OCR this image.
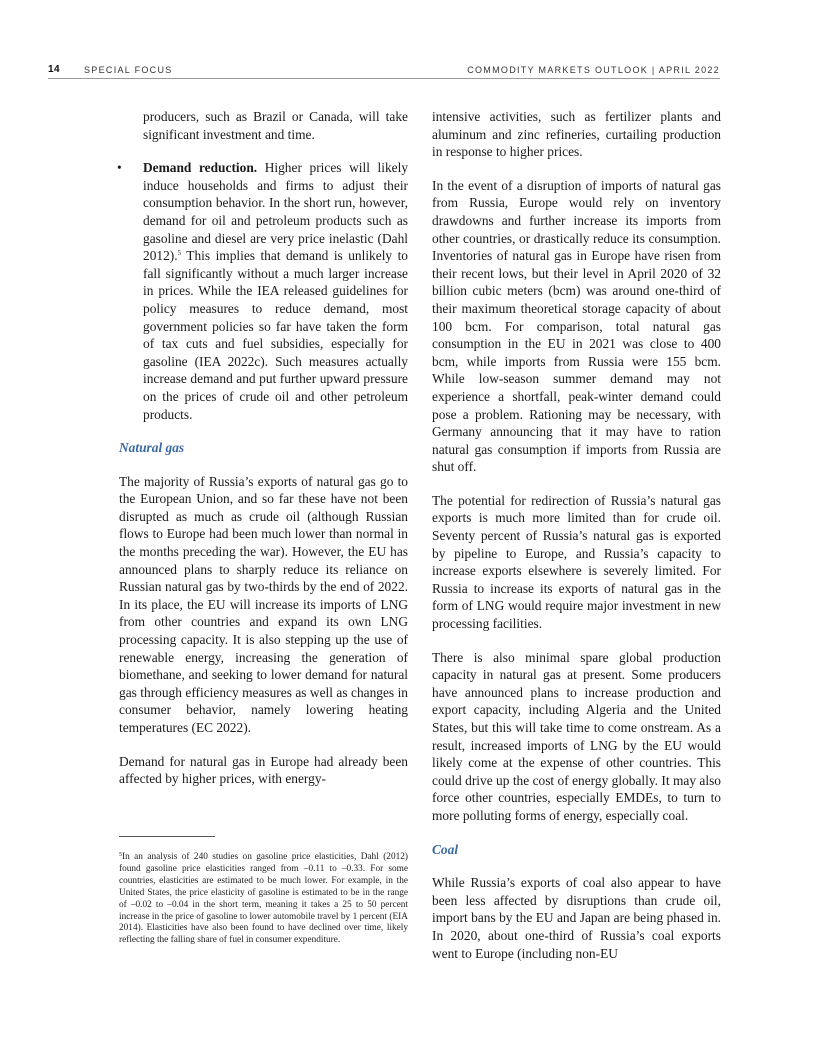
14	SPECIAL FOCUS	COMMODITY MARKETS OUTLOOK | APRIL 2022

producers, such as Brazil or Canada, will take significant investment and time.

• Demand reduction. Higher prices will likely induce households and firms to adjust their consumption behavior. In the short run, however, demand for oil and petroleum products such as gasoline and diesel are very price inelastic (Dahl 2012).$^5$ This implies that demand is unlikely to fall significantly without a much larger increase in prices. While the IEA released guidelines for policy measures to reduce demand, most government policies so far have taken the form of tax cuts and fuel subsidies, especially for gasoline (IEA 2022c). Such measures actually increase demand and put further upward pressure on the prices of crude oil and other petroleum products.

Natural gas

The majority of Russia’s exports of natural gas go to the European Union, and so far these have not been disrupted as much as crude oil (although Russian flows to Europe had been much lower than normal in the months preceding the war). However, the EU has announced plans to sharply reduce its reliance on Russian natural gas by two-thirds by the end of 2022. In its place, the EU will increase its imports of LNG from other countries and expand its own LNG processing capacity. It is also stepping up the use of renewable energy, increasing the generation of biomethane, and seeking to lower demand for natural gas through efficiency measures as well as changes in consumer behavior, namely lowering heating temperatures (EC 2022).

Demand for natural gas in Europe had already been affected by higher prices, with energy-

$^5$In an analysis of 240 studies on gasoline price elasticities, Dahl (2012) found gasoline price elasticities ranged from –0.11 to –0.33. For some countries, elasticities are estimated to be much lower. For example, in the United States, the price elasticity of gasoline is estimated to be in the range of –0.02 to –0.04 in the short term, meaning it takes a 25 to 50 percent increase in the price of gasoline to lower automobile travel by 1 percent (EIA 2014). Elasticities have also been found to have declined over time, likely reflecting the falling share of fuel in consumer expenditure.

intensive activities, such as fertilizer plants and aluminum and zinc refineries, curtailing production in response to higher prices.

In the event of a disruption of imports of natural gas from Russia, Europe would rely on inventory drawdowns and further increase its imports from other countries, or drastically reduce its consumption. Inventories of natural gas in Europe have risen from their recent lows, but their level in April 2020 of 32 billion cubic meters (bcm) was around one-third of their maximum theoretical storage capacity of about 100 bcm. For comparison, total natural gas consumption in the EU in 2021 was close to 400 bcm, while imports from Russia were 155 bcm. While low-season summer demand may not experience a shortfall, peak-winter demand could pose a problem. Rationing may be necessary, with Germany announcing that it may have to ration natural gas consumption if imports from Russia are shut off.

The potential for redirection of Russia’s natural gas exports is much more limited than for crude oil. Seventy percent of Russia’s natural gas is exported by pipeline to Europe, and Russia’s capacity to increase exports elsewhere is severely limited. For Russia to increase its exports of natural gas in the form of LNG would require major investment in new processing facilities.

There is also minimal spare global production capacity in natural gas at present. Some producers have announced plans to increase production and export capacity, including Algeria and the United States, but this will take time to come onstream. As a result, increased imports of LNG by the EU would likely come at the expense of other countries. This could drive up the cost of energy globally. It may also force other countries, especially EMDEs, to turn to more polluting forms of energy, especially coal.

Coal

While Russia’s exports of coal also appear to have been less affected by disruptions than crude oil, import bans by the EU and Japan are being phased in. In 2020, about one-third of Russia’s coal exports went to Europe (including non-EU
